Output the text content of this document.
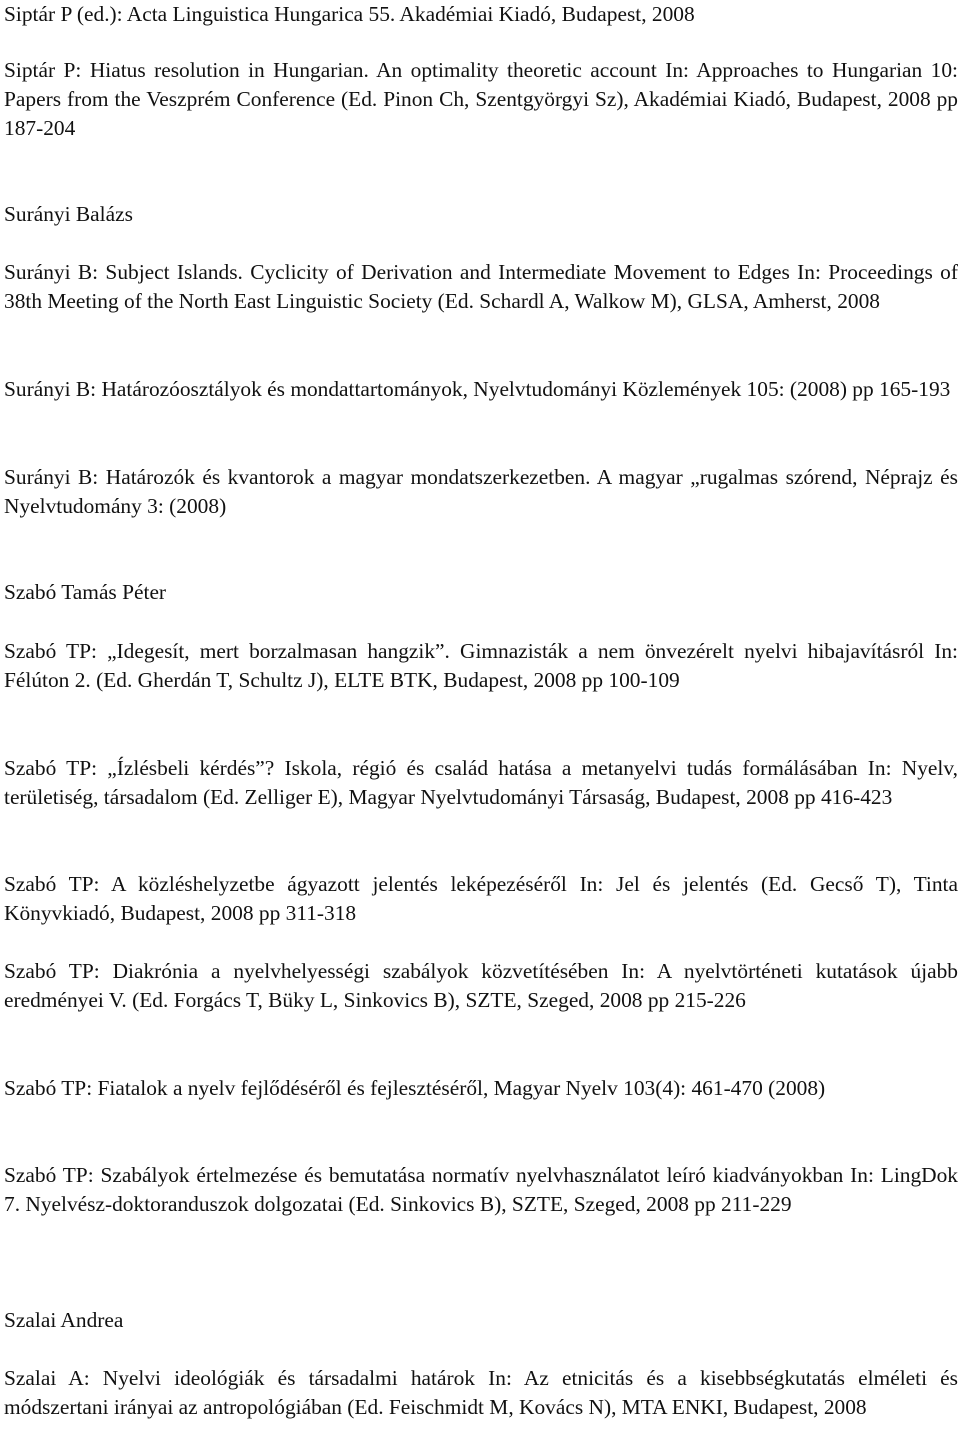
Siptár P (ed.): Acta Linguistica Hungarica 55. Akadémiai Kiadó, Budapest, 2008

Siptár P: Hiatus resolution in Hungarian. An optimality theoretic account In: Approaches to Hungarian 10: Papers from the Veszprém Conference (Ed. Pinon Ch, Szentgyörgyi Sz), Akadémiai Kiadó, Budapest, 2008 pp 187-204

Surányi Balázs

Surányi B: Subject Islands. Cyclicity of Derivation and Intermediate Movement to Edges In: Proceedings of 38th Meeting of the North East Linguistic Society (Ed. Schardl A, Walkow M), GLSA, Amherst, 2008

Surányi B: Határozóosztályok és mondattartományok, Nyelvtudományi Közlemények 105: (2008) pp 165-193

Surányi B: Határozók és kvantorok a magyar mondatszerkezetben. A magyar „rugalmas szórend, Néprajz és Nyelvtudomány 3: (2008)

Szabó Tamás Péter

Szabó TP: „Idegesít, mert borzalmasan hangzik”. Gimnazisták a nem önvezérelt nyelvi hibajavításról In: Félúton 2. (Ed. Gherdán T, Schultz J), ELTE BTK, Budapest, 2008 pp 100-109

Szabó TP: „Ízlésbeli kérdés”? Iskola, régió és család hatása a metanyelvi tudás formálásában In: Nyelv, területiség, társadalom (Ed. Zelliger E), Magyar Nyelvtudományi Társaság, Budapest, 2008 pp 416-423

Szabó TP: A közléshelyzetbe ágyazott jelentés leképezéséről In: Jel és jelentés (Ed. Gecső T), Tinta Könyvkiadó, Budapest, 2008 pp 311-318

Szabó TP: Diakrónia a nyelvhelyességi szabályok közvetítésében In: A nyelvtörténeti kutatások újabb eredményei V. (Ed. Forgács T, Büky L, Sinkovics B), SZTE, Szeged, 2008 pp 215-226

Szabó TP: Fiatalok a nyelv fejlődéséről és fejlesztéséről, Magyar Nyelv 103(4): 461-470 (2008)

Szabó TP: Szabályok értelmezése és bemutatása normatív nyelvhasználatot leíró kiadványokban In: LingDok 7. Nyelvész-doktoranduszok dolgozatai (Ed. Sinkovics B), SZTE, Szeged, 2008 pp 211-229

Szalai Andrea

Szalai A: Nyelvi ideológiák és társadalmi határok In: Az etnicitás és a kisebbségkutatás elméleti és módszertani irányai az antropológiában (Ed. Feischmidt M, Kovács N), MTA ENKI, Budapest, 2008
